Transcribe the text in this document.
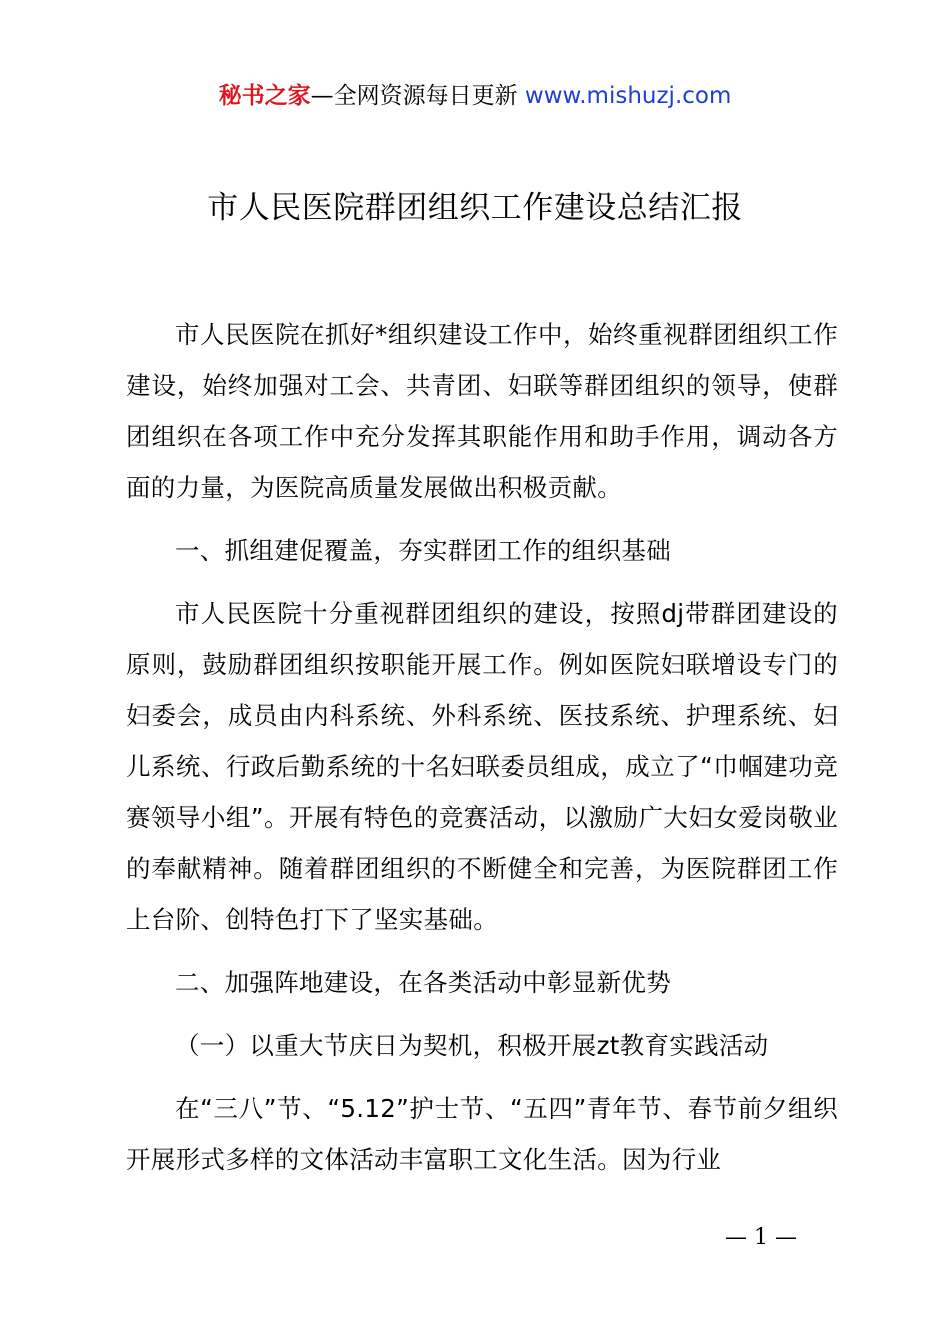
秘书之家—全网资源每日更新 www.mishuzj.com
市人民医院群团组织工作建设总结汇报

市人民医院在抓好*组织建设工作中，始终重视群团组织工作建设，始终加强对工会、共青团、妇联等群团组织的领导，使群团组织在各项工作中充分发挥其职能作用和助手作用，调动各方面的力量，为医院高质量发展做出积极贡献。

一、抓组建促覆盖，夯实群团工作的组织基础

市人民医院十分重视群团组织的建设，按照dj带群团建设的原则，鼓励群团组织按职能开展工作。例如医院妇联增设专门的妇委会，成员由内科系统、外科系统、医技系统、护理系统、妇儿系统、行政后勤系统的十名妇联委员组成，成立了“巾帼建功竞赛领导小组”。开展有特色的竞赛活动，以激励广大妇女爱岗敬业的奉献精神。随着群团组织的不断健全和完善，为医院群团工作上台阶、创特色打下了坚实基础。

二、加强阵地建设，在各类活动中彰显新优势

（一）以重大节庆日为契机，积极开展zt教育实践活动

在“三八”节、“5.12”护士节、“五四”青年节、春节前夕组织开展形式多样的文体活动丰富职工文化生活。因为行业

— 1 —
